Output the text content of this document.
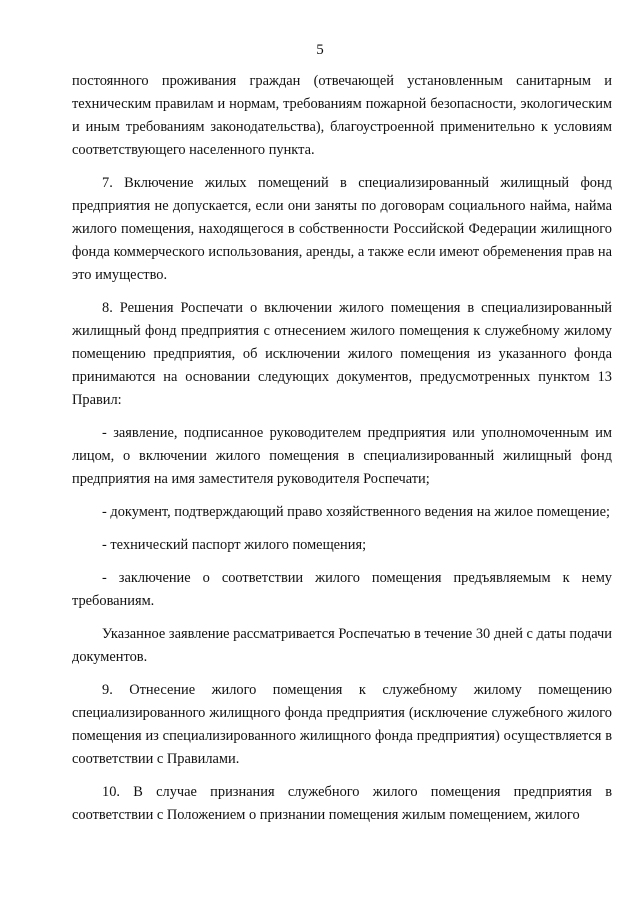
5

постоянного проживания граждан (отвечающей установленным санитарным и техническим правилам и нормам, требованиям пожарной безопасности, экологическим и иным требованиям законодательства), благоустроенной применительно к условиям соответствующего населенного пункта.

7. Включение жилых помещений в специализированный жилищный фонд предприятия не допускается, если они заняты по договорам социального найма, найма жилого помещения, находящегося в собственности Российской Федерации жилищного фонда коммерческого использования, аренды, а также если имеют обременения прав на это имущество.

8. Решения Роспечати о включении жилого помещения в специализированный жилищный фонд предприятия с отнесением жилого помещения к служебному жилому помещению предприятия, об исключении жилого помещения из указанного фонда принимаются на основании следующих документов, предусмотренных пунктом 13 Правил:

- заявление, подписанное руководителем предприятия или уполномоченным им лицом, о включении жилого помещения в специализированный жилищный фонд предприятия на имя заместителя руководителя Роспечати;

- документ, подтверждающий право хозяйственного ведения на жилое помещение;

- технический паспорт жилого помещения;

- заключение о соответствии жилого помещения предъявляемым к нему требованиям.

Указанное заявление рассматривается Роспечатью в течение 30 дней с даты подачи документов.

9. Отнесение жилого помещения к служебному жилому помещению специализированного жилищного фонда предприятия (исключение служебного жилого помещения из специализированного жилищного фонда предприятия) осуществляется в соответствии с Правилами.

10. В случае признания служебного жилого помещения предприятия в соответствии с Положением о признании помещения жилым помещением, жилого
